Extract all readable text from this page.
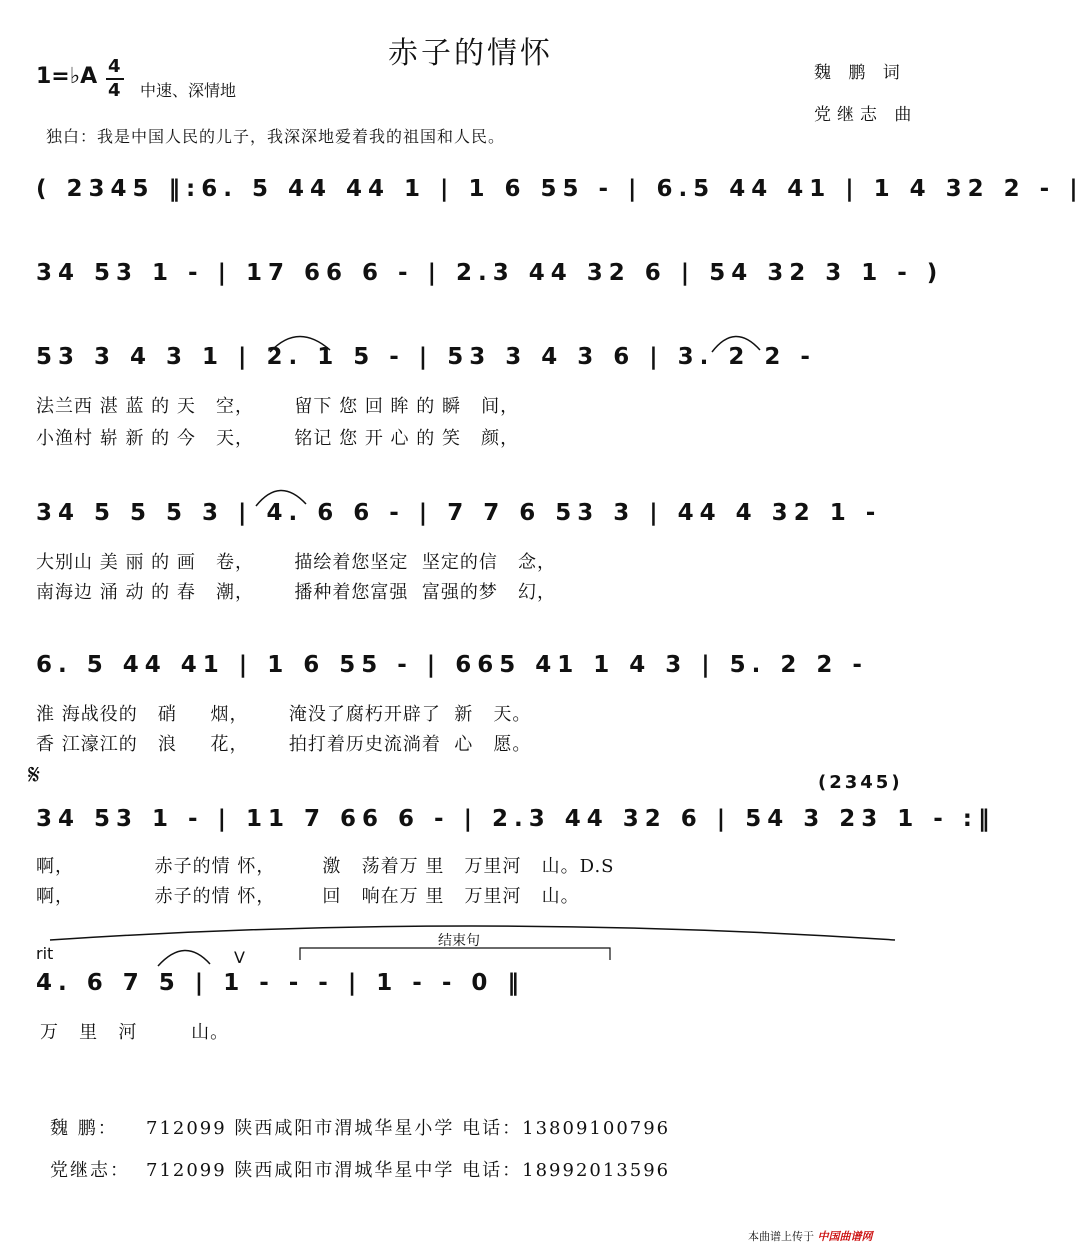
赤子的情怀
魏 鹏 词
党继志 曲
1=♭A 4
4 中速、深情地
独白：我是中国人民的儿子，我深深地爱着我的祖国和人民。
( 2345 ‖:6. 5 44 44 1 | 1 6 55 - | 6.5 44 41 | 1 4 32 2 - |
34 53 1 - | 17 66 6 - | 2.3 44 32 6 | 54 32 3 1 - )
53 3 4 3 1 | 2. 1 5 - | 53 3 4 3 6 | 3. 2 2 -
法兰西 湛 蓝 的 天   空，      留下 您 回 眸 的 瞬   间，
小渔村 崭 新 的 今   天，      铭记 您 开 心 的 笑   颜，
34 5 5 5 3 | 4. 6 6 - | 7 7 6 53 3 | 44 4 32 1 -
大别山 美 丽 的 画   卷，      描绘着您坚定  坚定的信   念，
南海边 涌 动 的 春   潮，      播种着您富强  富强的梦   幻，
6. 5 44 41 | 1 6 55 - | 665 41 1 4 3 | 5. 2 2 -
淮 海战役的   硝     烟，      淹没了腐朽开辟了  新   天。
香 江濠江的   浪     花，      拍打着历史流淌着  心   愿。
𝄋	(2345)
34 53 1 - | 11 7 66 6 - | 2.3 44 32 6 | 54 3 23 1 - :‖
啊，            赤子的情 怀，       激   荡着万 里   万里河   山。D.S
啊，            赤子的情 怀，       回   响在万 里   万里河   山。
rit
结束句
V
4. 6 7 5 | 1 - - - | 1 - - 0 ‖
万   里   河        山。
魏 鹏： 712099 陕西咸阳市渭城华星小学 电话：13809100796
党继志： 712099 陕西咸阳市渭城华星中学 电话：18992013596
本曲谱上传于 中国曲谱网
